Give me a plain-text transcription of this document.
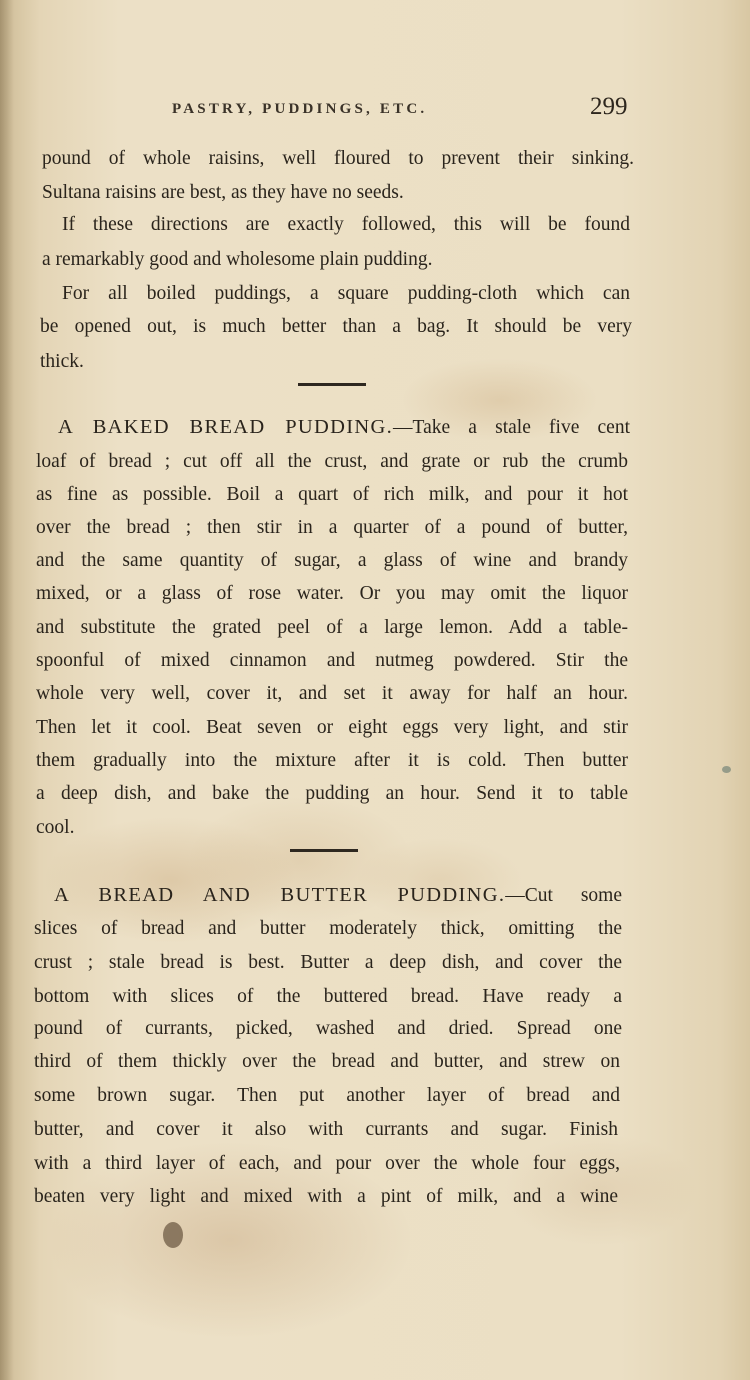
PASTRY, PUDDINGS, ETC.	299
pound of whole raisins, well floured to prevent their sinking.
Sultana raisins are best, as they have no seeds.
If these directions are exactly followed, this will be found
a remarkably good and wholesome plain pudding.
For all boiled puddings, a square pudding-cloth which can
be opened out, is much better than a bag. It should be very
thick.
A BAKED BREAD PUDDING.—Take a stale five cent
loaf of bread ; cut off all the crust, and grate or rub the crumb
as fine as possible. Boil a quart of rich milk, and pour it hot
over the bread ; then stir in a quarter of a pound of butter,
and the same quantity of sugar, a glass of wine and brandy
mixed, or a glass of rose water. Or you may omit the liquor
and substitute the grated peel of a large lemon. Add a table-
spoonful of mixed cinnamon and nutmeg powdered. Stir the
whole very well, cover it, and set it away for half an hour.
Then let it cool. Beat seven or eight eggs very light, and stir
them gradually into the mixture after it is cold. Then butter
a deep dish, and bake the pudding an hour. Send it to table
cool.
A BREAD AND BUTTER PUDDING.—Cut some
slices of bread and butter moderately thick, omitting the
crust ; stale bread is best. Butter a deep dish, and cover the
bottom with slices of the buttered bread. Have ready a
pound of currants, picked, washed and dried. Spread one
third of them thickly over the bread and butter, and strew on
some brown sugar. Then put another layer of bread and
butter, and cover it also with currants and sugar. Finish
with a third layer of each, and pour over the whole four eggs,
beaten very light and mixed with a pint of milk, and a wine
